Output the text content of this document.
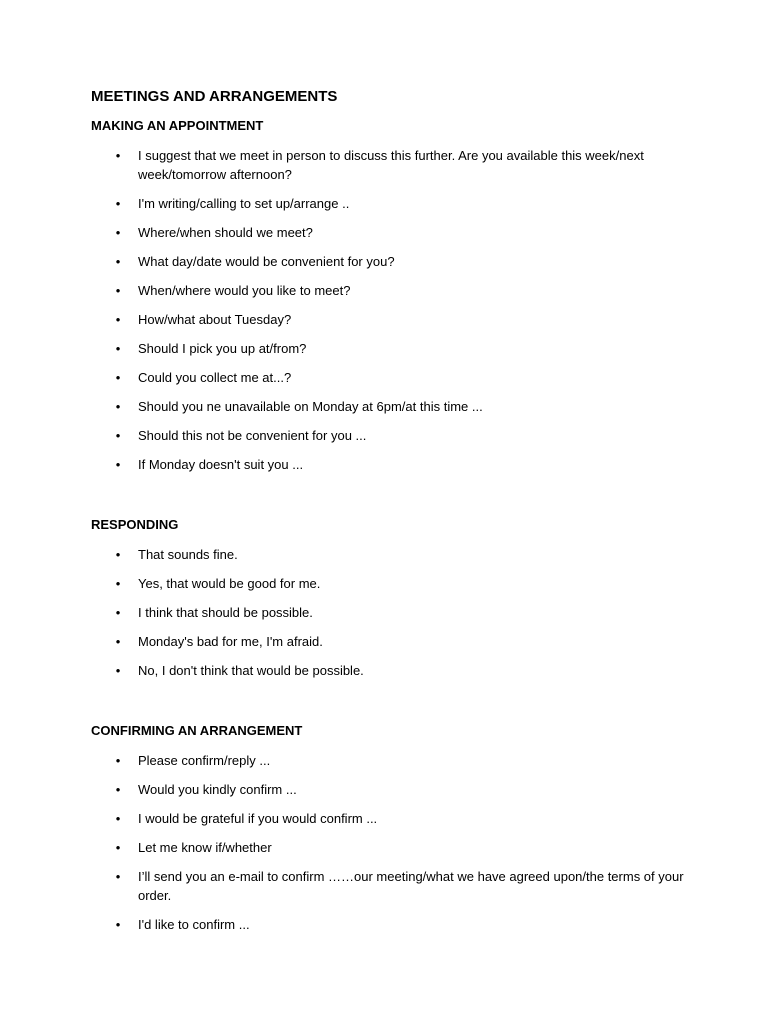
MEETINGS AND ARRANGEMENTS
MAKING AN APPOINTMENT
• I suggest that we meet in person to discuss this further. Are you available this week/next week/tomorrow afternoon?
• I'm writing/calling to set up/arrange ..
• Where/when should we meet?
• What day/date would be convenient for you?
• When/where would you like to meet?
• How/what about Tuesday?
• Should I pick you up at/from?
• Could you collect me at...?
• Should you ne unavailable on Monday at 6pm/at this time ...
• Should this not be convenient for you ...
• If Monday doesn't suit you ...
RESPONDING
• That sounds fine.
• Yes, that would be good for me.
• I think that should be possible.
• Monday's bad for me, I'm afraid.
• No, I don't think that would be possible.
CONFIRMING AN ARRANGEMENT
• Please confirm/reply ...
• Would you kindly confirm ...
• I would be grateful if you would confirm ...
• Let me know if/whether
• I’ll send you an e-mail to confirm ……our meeting/what we have agreed upon/the terms of your order.
• I'd like to confirm ...
